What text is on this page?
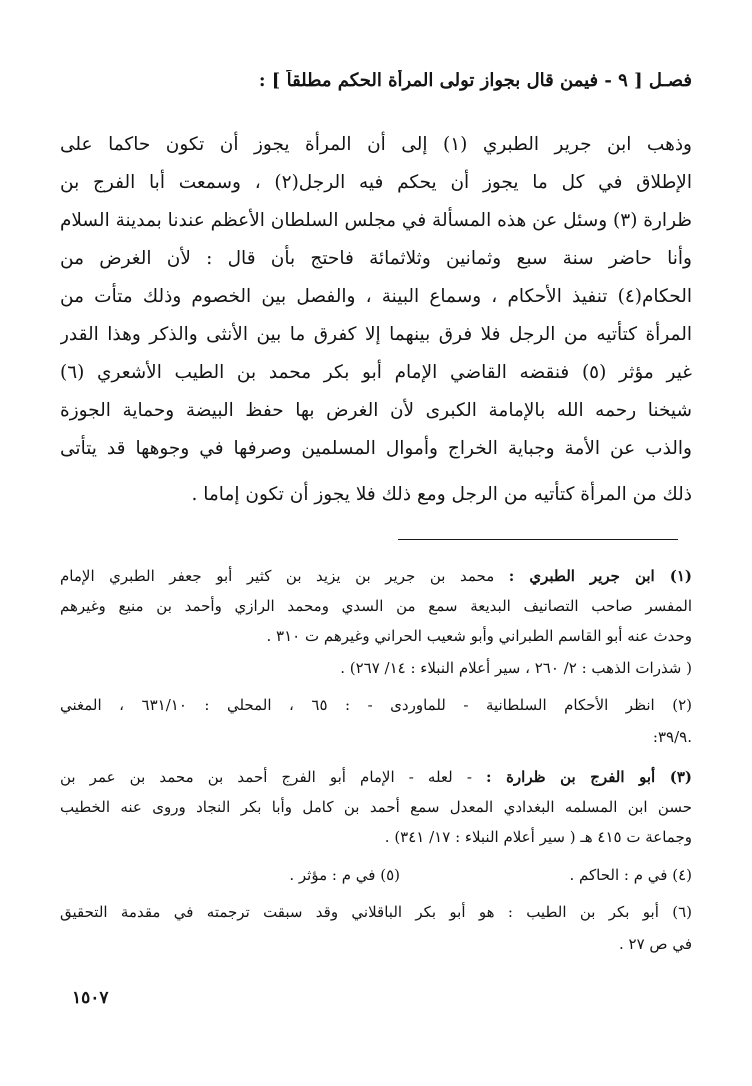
فصـل [ ٩ - فيمن قال بجواز تولى المرأة الحكم مطلقاً ] :
وذهب ابن جرير الطبري (١) إلى أن المرأة يجوز أن تكون حاكما على
الإطلاق في كل ما يجوز أن يحكم فيه الرجل(٢) ، وسمعت أبا الفرج بن
ظرارة (٣) وسئل عن هذه المسألة في مجلس السلطان الأعظم عندنا بمدينة السلام
وأنا حاضر سنة سبع وثمانين وثلاثمائة فاحتج بأن قال : لأن الغرض من
الحكام(٤) تنفيذ الأحكام ، وسماع البينة ، والفصل بين الخصوم وذلك متأت من
المرأة كتأتيه من الرجل فلا فرق بينهما إلا كفرق ما بين الأنثى والذكر وهذا القدر
غير مؤثر (٥) فنقضه القاضي الإمام أبو بكر محمد بن الطيب الأشعري (٦)
شيخنا رحمه الله بالإمامة الكبرى لأن الغرض بها حفظ البيضة وحماية الجوزة
والذب عن الأمة وجباية الخراج وأموال المسلمين وصرفها في وجوهها قد يتأتى
ذلك من المرأة كتأتيه من الرجل ومع ذلك فلا يجوز أن تكون إماما .
(١) ابن جرير الطبري : محمد بن جرير بن يزيد بن كثير أبو جعفر الطبري الإمام
المفسر صاحب التصانيف البديعة سمع من السدي ومحمد الرازي وأحمد بن منيع وغيرهم
وحدث عنه أبو القاسم الطبراني وأبو شعيب الحراني وغيرهم ت ٣١٠ .
( شذرات الذهب : ٢/ ٢٦٠ ، سير أعلام النبلاء : ١٤/ ٢٦٧) .
(٢) انظر الأحكام السلطانية - للماوردى - : ٦٥ ، المحلي : ٦٣١/١٠ ، المغني
.٣٩/٩:
(٣) أبو الفرج بن ظرارة : - لعله - الإمام أبو الفرج أحمد بن محمد بن عمر بن
حسن ابن المسلمه البغدادي المعدل سمع أحمد بن كامل وأبا بكر النجاد وروى عنه الخطيب
وجماعة ت ٤١٥ هـ ( سير أعلام النبلاء : ١٧/ ٣٤١) .
(٤) في م : الحاكم .
(٥) في م : مؤثر .
(٦) أبو بكر بن الطيب : هو أبو بكر الباقلاني وقد سبقت ترجمته في مقدمة التحقيق
في ص ٢٧ .
١٥٠٧
